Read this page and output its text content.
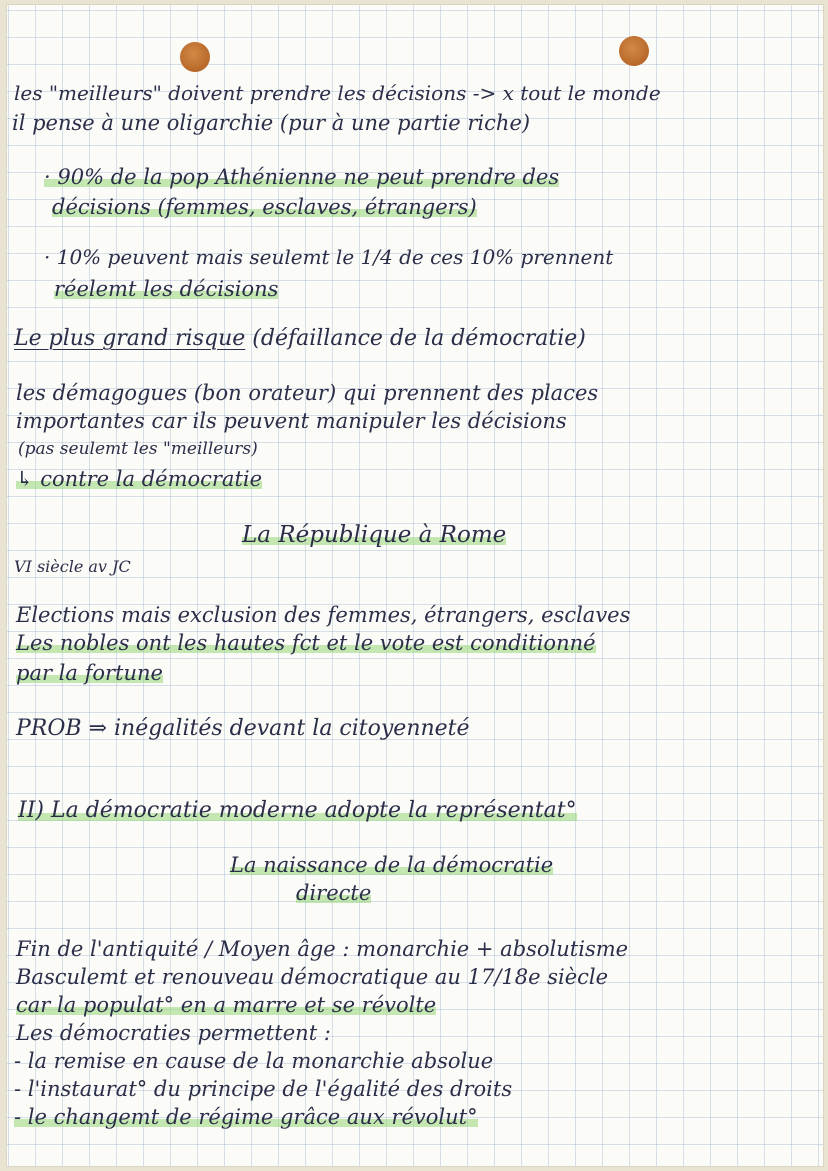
les "meilleurs" doivent prendre les décisions -> x tout le monde
il pense à une oligarchie (pur à une partie riche)
· 90% de la pop Athénienne ne peut prendre des
décisions (femmes, esclaves, étrangers)
· 10% peuvent mais seulemt le 1/4 de ces 10% prennent
réelemt les décisions
Le plus grand risque (défaillance de la démocratie)
les démagogues (bon orateur) qui prennent des places
importantes car ils peuvent manipuler les décisions
(pas seulemt les "meilleurs)
↳ contre la démocratie
La République à Rome
VI siècle av JC
Elections mais exclusion des femmes, étrangers, esclaves
Les nobles ont les hautes fct et le vote est conditionné
par la fortune
PROB ⇒ inégalités devant la citoyenneté
II) La démocratie moderne adopte la représentat°
La naissance de la démocratie
directe
Fin de l'antiquité / Moyen âge : monarchie + absolutisme
Basculemt et renouveau démocratique au 17/18e siècle
car la populat° en a marre et se révolte
Les démocraties permettent :
- la remise en cause de la monarchie absolue
- l'instaurat° du principe de l'égalité des droits
- le changemt de régime grâce aux révolut°
